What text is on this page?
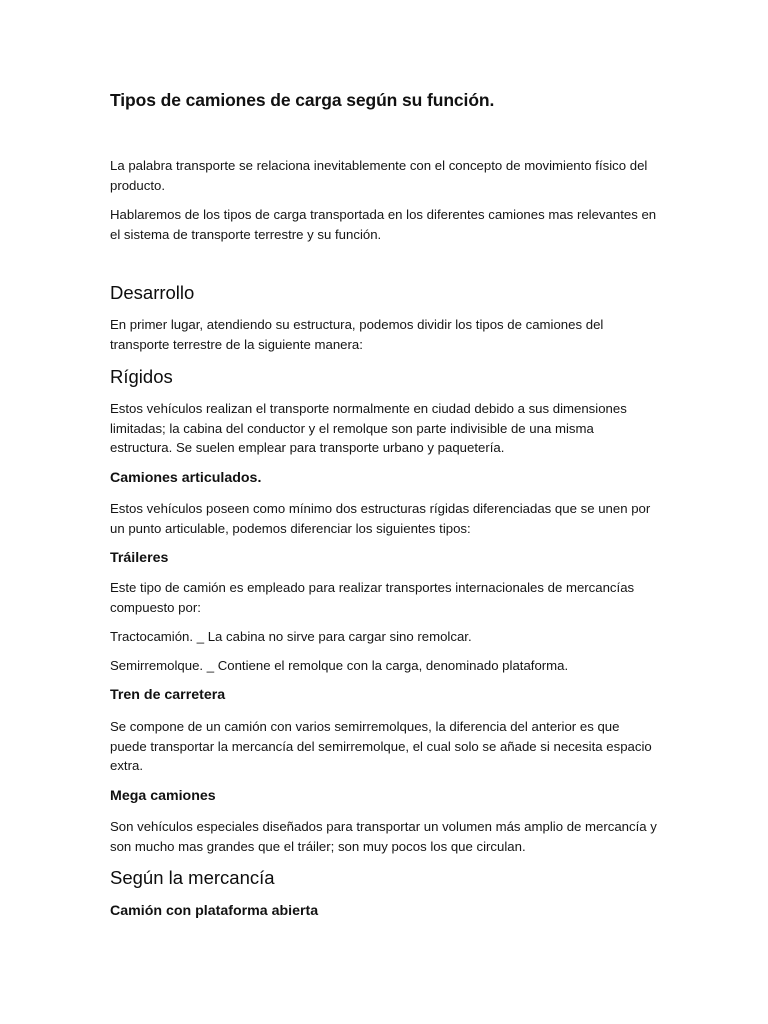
Tipos de camiones de carga según su función.

La palabra transporte se relaciona inevitablemente con el concepto de movimiento físico del producto.

Hablaremos de los tipos de carga transportada en los diferentes camiones mas relevantes en el sistema de transporte terrestre y su función.

Desarrollo

En primer lugar, atendiendo su estructura, podemos dividir los tipos de camiones del transporte terrestre de la siguiente manera:

Rígidos

Estos vehículos realizan el transporte normalmente en ciudad debido a sus dimensiones limitadas; la cabina del conductor y el remolque son parte indivisible de una misma estructura. Se suelen emplear para transporte urbano y paquetería.

Camiones articulados.

Estos vehículos poseen como mínimo dos estructuras rígidas diferenciadas que se unen por un punto articulable, podemos diferenciar los siguientes tipos:

Tráileres

Este tipo de camión es empleado para realizar transportes internacionales de mercancías compuesto por:

Tractocamión. _ La cabina no sirve para cargar sino remolcar.

Semirremolque. _ Contiene el remolque con la carga, denominado plataforma.

Tren de carretera

Se compone de un camión con varios semirremolques, la diferencia del anterior es que puede transportar la mercancía del semirremolque, el cual solo se añade si necesita espacio extra.

Mega camiones

Son vehículos especiales diseñados para transportar un volumen más amplio de mercancía y son mucho mas grandes que el tráiler; son muy pocos los que circulan.

Según la mercancía
Camión con plataforma abierta
